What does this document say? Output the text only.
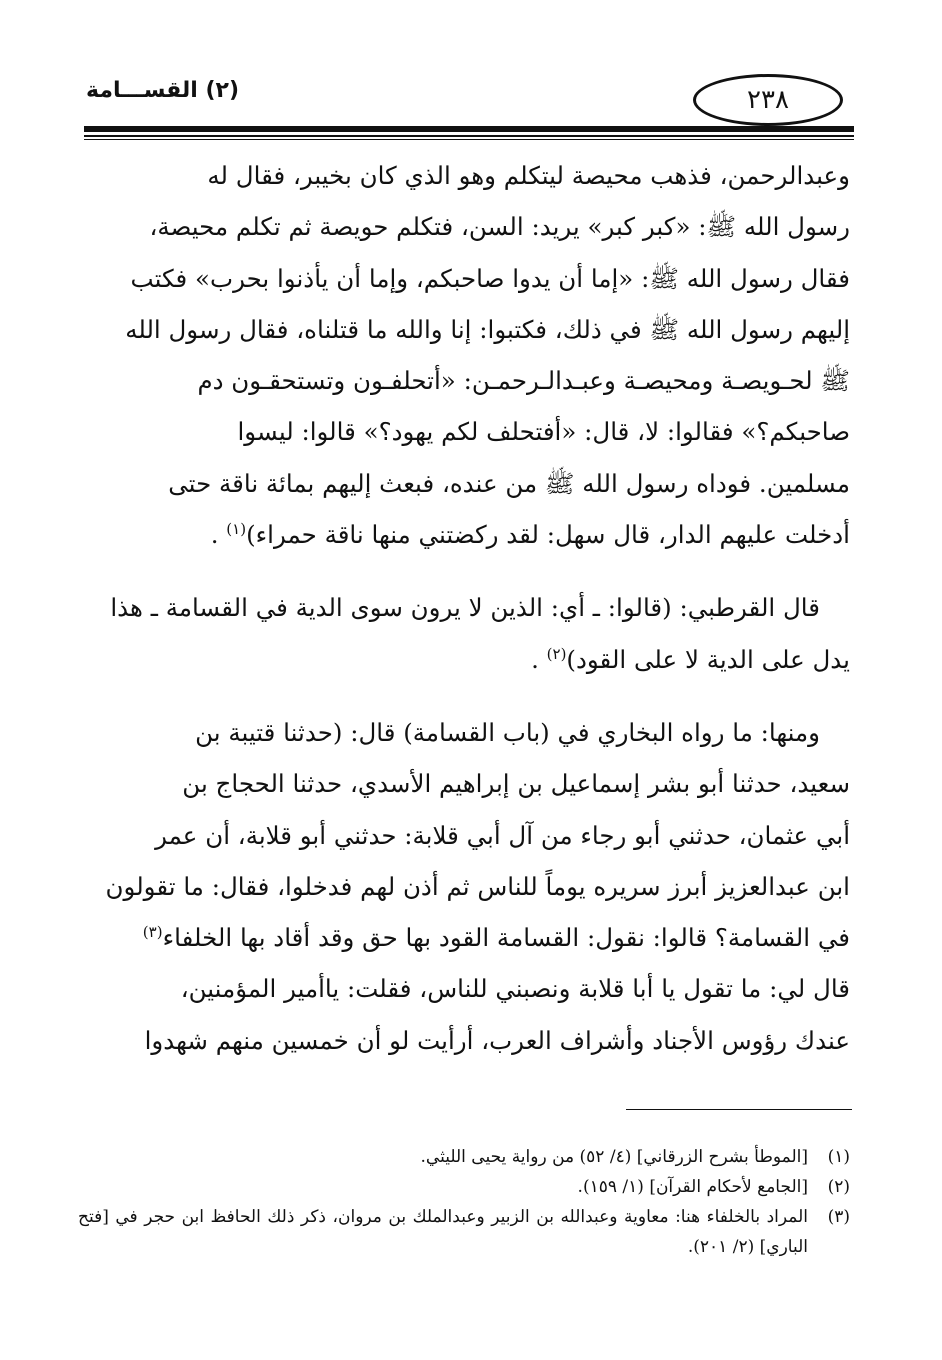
(٢) القســـامة	٢٣٨

وعبدالرحمن، فذهب محيصة ليتكلم وهو الذي كان بخيبر، فقال له

رسول الله ﷺ: «كبر كبر» يريد: السن، فتكلم حويصة ثم تكلم محيصة،

فقال رسول الله ﷺ: «إما أن يدوا صاحبكم، وإما أن يأذنوا بحرب» فكتب

إليهم رسول الله ﷺ في ذلك، فكتبوا: إنا والله ما قتلناه، فقال رسول الله

ﷺ لحـويصـة ومحيصـة وعبـدالـرحمـن: «أتحلفـون وتستحقـون دم

صاحبكم؟» فقالوا: لا، قال: «أفتحلف لكم يهود؟» قالوا: ليسوا

مسلمين. فوداه رسول الله ﷺ من عنده، فبعث إليهم بمائة ناقة حتى

أدخلت عليهم الدار، قال سهل: لقد ركضتني منها ناقة حمراء)$^{(١)}$ .

قال القرطبي: (قالوا: ـ أي: الذين لا يرون سوى الدية في القسامة ـ هذا

يدل على الدية لا على القود)$^{(٢)}$ .

ومنها: ما رواه البخاري في (باب القسامة) قال: (حدثنا قتيبة بن

سعيد، حدثنا أبو بشر إسماعيل بن إبراهيم الأسدي، حدثنا الحجاج بن

أبي عثمان، حدثني أبو رجاء من آل أبي قلابة: حدثني أبو قلابة، أن عمر

ابن عبدالعزيز أبرز سريره يوماً للناس ثم أذن لهم فدخلوا، فقال: ما تقولون

في القسامة؟ قالوا: نقول: القسامة القود بها حق وقد أقاد بها الخلفاء$^{(٣)}$

قال لي: ما تقول يا أبا قلابة ونصبني للناس، فقلت: ياأمير المؤمنين،

عندك رؤوس الأجناد وأشراف العرب، أرأيت لو أن خمسين منهم شهدوا

(١)
[الموطأ بشرح الزرقاني] (٤/ ٥٢) من رواية يحيى الليثي.
(٢)
[الجامع لأحكام القرآن] (١/ ١٥٩).
(٣)
المراد بالخلفاء هنا: معاوية وعبدالله بن الزبير وعبدالملك بن مروان، ذكر ذلك الحافظ ابن حجر في [فتح الباري] (٢/ ٢٠١).
